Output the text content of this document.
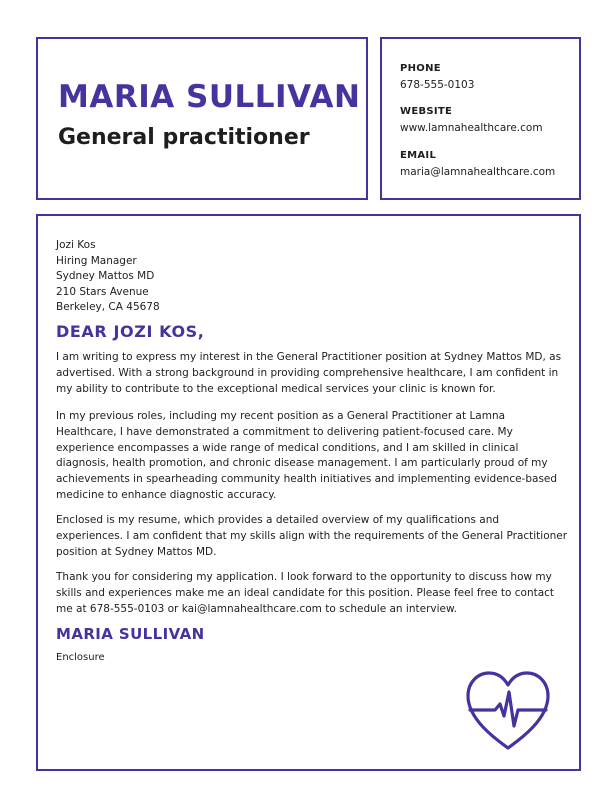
MARIA SULLIVAN
General practitioner
PHONE
678-555-0103
WEBSITE
www.lamnahealthcare.com
EMAIL
maria@lamnahealthcare.com
Jozi Kos
Hiring Manager
Sydney Mattos MD
210 Stars Avenue
Berkeley, CA 45678
DEAR JOZI KOS,

I am writing to express my interest in the General Practitioner position at Sydney Mattos MD, as advertised. With a strong background in providing comprehensive healthcare, I am confident in my ability to contribute to the exceptional medical services your clinic is known for.

In my previous roles, including my recent position as a General Practitioner at Lamna Healthcare, I have demonstrated a commitment to delivering patient-focused care. My experience encompasses a wide range of medical conditions, and I am skilled in clinical diagnosis, health promotion, and chronic disease management. I am particularly proud of my achievements in spearheading community health initiatives and implementing evidence-based medicine to enhance diagnostic accuracy.

Enclosed is my resume, which provides a detailed overview of my qualifications and experiences. I am confident that my skills align with the requirements of the General Practitioner position at Sydney Mattos MD.

Thank you for considering my application. I look forward to the opportunity to discuss how my skills and experiences make me an ideal candidate for this position. Please feel free to contact me at 678-555-0103 or kai@lamnahealthcare.com to schedule an interview.

MARIA SULLIVAN
Enclosure
